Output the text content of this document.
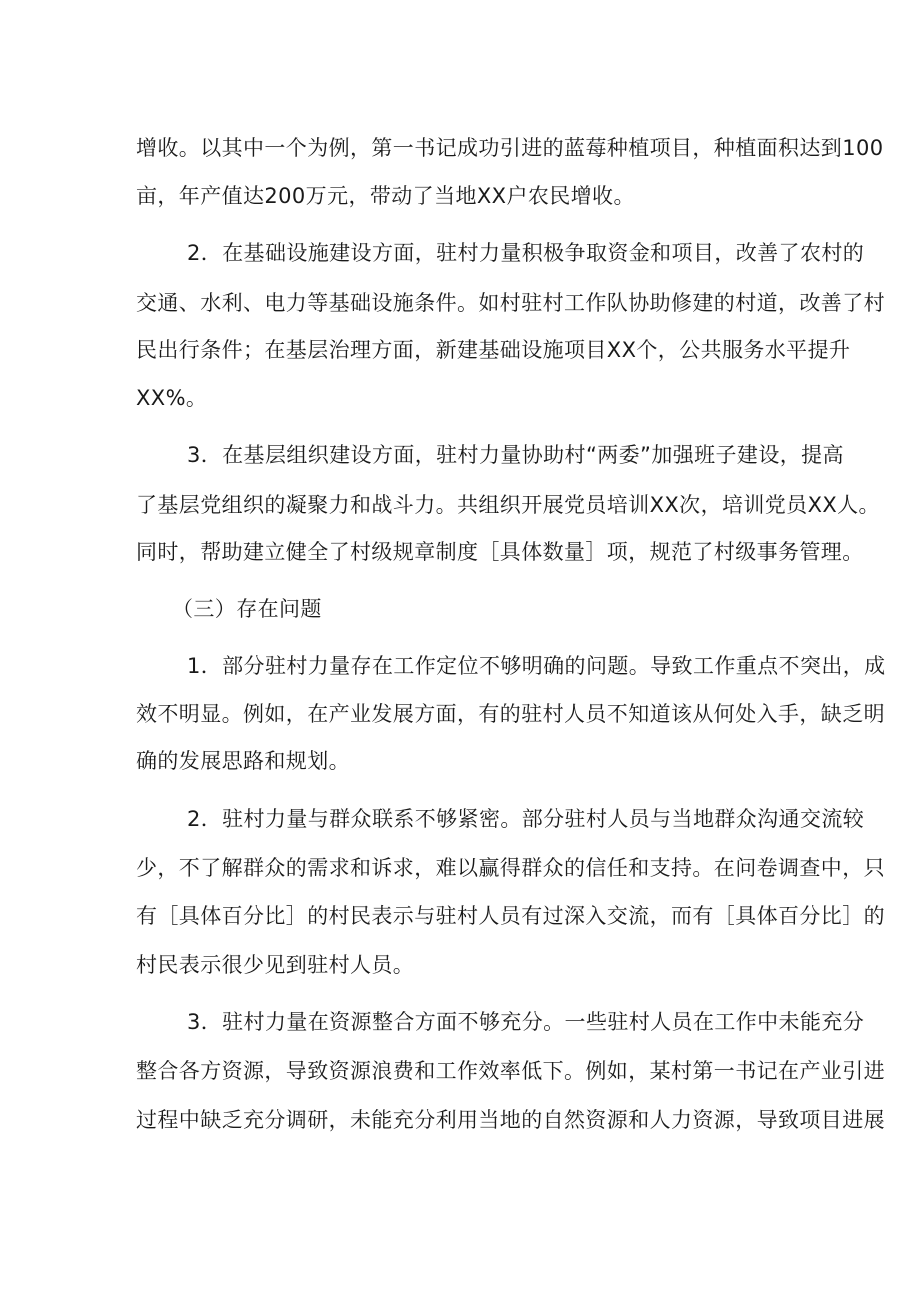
增收。以其中一个为例，第一书记成功引进的蓝莓种植项目，种植面积达到100
亩，年产值达200万元，带动了当地XX户农民增收。
2．在基础设施建设方面，驻村力量积极争取资金和项目，改善了农村的
交通、水利、电力等基础设施条件。如村驻村工作队协助修建的村道，改善了村
民出行条件；在基层治理方面，新建基础设施项目XX个，公共服务水平提升
XX%。
3．在基层组织建设方面，驻村力量协助村“两委”加强班子建设，提高
了基层党组织的凝聚力和战斗力。共组织开展党员培训XX次，培训党员XX人。
同时，帮助建立健全了村级规章制度［具体数量］项，规范了村级事务管理。
（三）存在问题
1．部分驻村力量存在工作定位不够明确的问题。导致工作重点不突出，成
效不明显。例如，在产业发展方面，有的驻村人员不知道该从何处入手，缺乏明
确的发展思路和规划。
2．驻村力量与群众联系不够紧密。部分驻村人员与当地群众沟通交流较
少，不了解群众的需求和诉求，难以赢得群众的信任和支持。在问卷调查中，只
有［具体百分比］的村民表示与驻村人员有过深入交流，而有［具体百分比］的
村民表示很少见到驻村人员。
3．驻村力量在资源整合方面不够充分。一些驻村人员在工作中未能充分
整合各方资源，导致资源浪费和工作效率低下。例如，某村第一书记在产业引进
过程中缺乏充分调研，未能充分利用当地的自然资源和人力资源，导致项目进展
